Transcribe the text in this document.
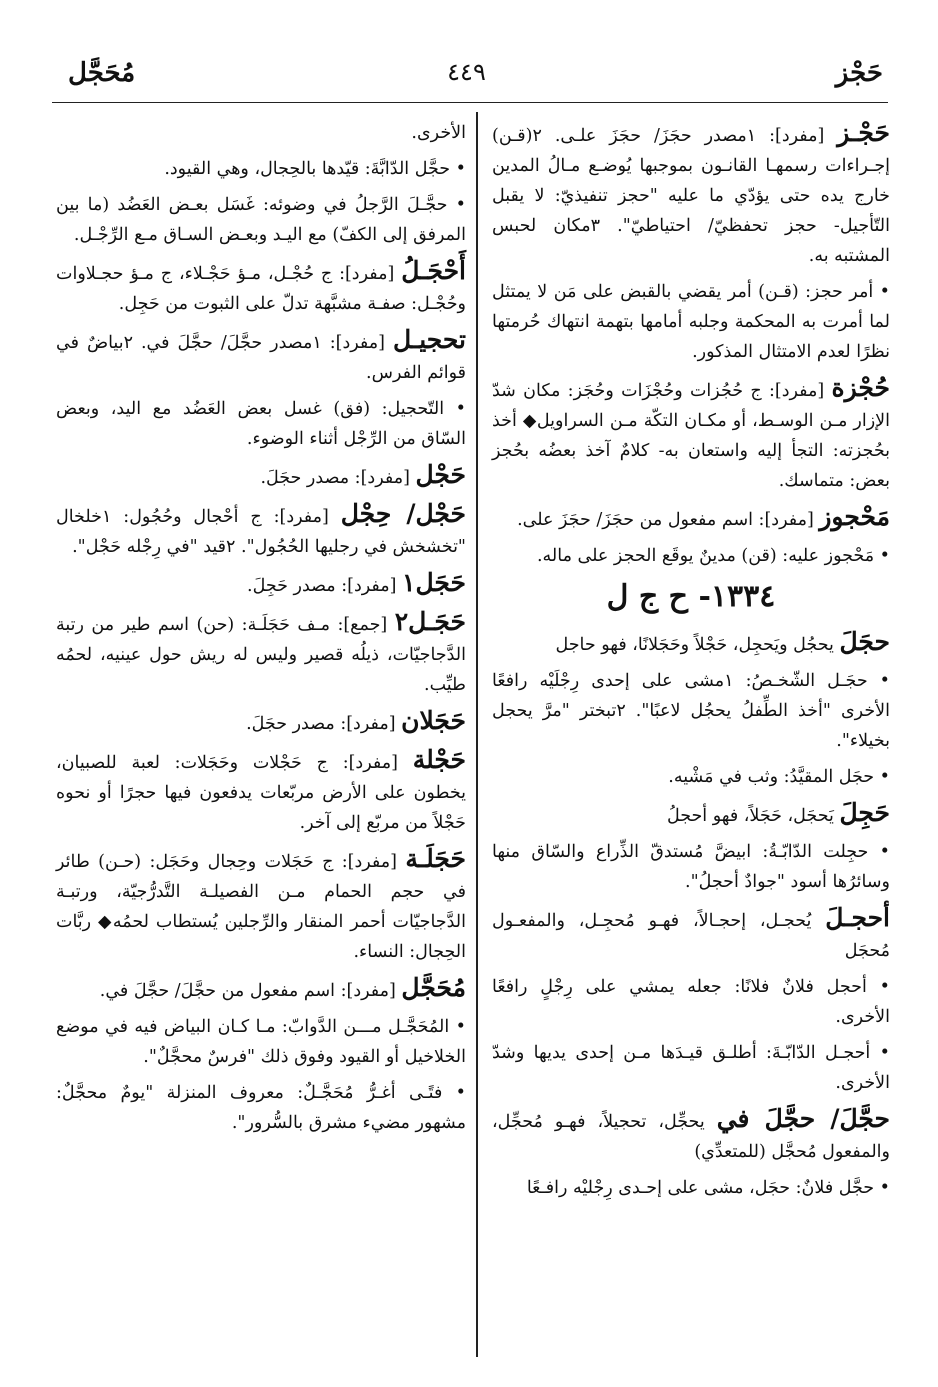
حَجْز
٤٤٩
مُحَجَّل

حَجْـز [مفرد]: ١مصدر حجَزَ/ حجَزَ علـى. ٢(قـن) إجـراءات رسمهـا القانـون بموجبها يُوضـع مـالُ المدين خارج يده حتى يؤدّي ما عليه "حجز تنفيذيّ: لا يقبل التّأجيل- حجز تحفظيّ/ احتياطيّ". ٣مكان لحبس المشتبه به.

• أمر حجز: (قـن) أمر يقضي بالقبض على مَن لا يمتثل لما أمرت به المحكمة وجلبه أمامها بتهمة انتهاك حُرمتها نظرًا لعدم الامتثال المذكور.

حُجْزة [مفرد]: ج حُجُزات وحُجْزَات وحُجَز: مكان شدّ الإزار مـن الوسـط، أو مكـان التكّة مـن السراويل◆ أخذ بحُجزته: التجأ إليه واستعان به- كلامٌ آخذ بعضُه بحُجز بعض: متماسك.

مَحْجوز [مفرد]: اسم مفعول من حجَزَ/ حجَزَ على.

• مَحْجوز عليه: (قن) مدينٌ يوقَع الحجز على ماله.

١٣٣٤- ح ج ل

حجَلَ يحجُل ويَحجِل، حَجْلاً وحَجَلانًا، فهو حاجل

• حجَـل الشّخـصُ: ١مشى على إحدى رِجْلَيْه رافعًا الأخرى "أخذ الطِّفلُ يحجُل لاعبًا". ٢تبختر "مرَّ يحجل بخيلاء".

• حجَل المقيَّدُ: وثب في مَشْيه.

حَجِلَ يَحجَل، حَجَلاً، فهو أحجلُ

• حجِلت الدّابّـةُ: ابيضَّ مُستدقّ الذِّراع والسّاق منها وسائرُها أسود "جوادٌ أحجلُ".

أحجـلَ يُحجـل، إحجـالاً، فهـو مُحجِـل، والمفعـول مُحجَل

• أحجل فلانٌ فلانًا: جعله يمشي على رِجْلٍ رافعًا الأخرى.

• أحجـل الدّابّـةَ: أطلـق قيـدَها مـن إحدى يديها وشدّ الأخرى.

حجَّلَ/ حجَّلَ في يحجِّل، تحجيلاً، فهـو مُحجِّل، والمفعول مُحجَّل (للمتعدِّي)

• حجَّل فلانٌ: حجَل، مشى على إحـدى رِجْليْه رافـعًا

الأخرى.

• حجَّل الدّابَّةَ: قيّدها بالحِجال، وهي القيود.

• حجَّـلَ الرَّجلُ في وضوئه: غَسَل بعـض العَضُد (ما بين المرفق إلى الكفّ) مع اليـد وبعـض السـاق مـع الرِّجْـل.

أَحْجَـلُ [مفرد]: ج حُجْـل، مـؤ حَجْـلاء، ج مـؤ حجـلاوات وحُجْـل: صفـة مشبَّهة تدلّ على الثبوت من حَجِل.

تحجيـل [مفرد]: ١مصدر حجَّلَ/ حجَّلَ في. ٢بياضٌ في قوائم الفرس.

• التّحجيل: (فق) غسل بعض العَضُد مع اليد، وبعض السّاق من الرِّجْل أثناء الوضوء.

حَجْل [مفرد]: مصدر حجَلَ.

حَجْل/ حِجْل [مفرد]: ج أحْجال وحُجُول: ١خلخال "تخشخش في رجليها الحُجُول". ٢قيد "في رِجْله حَجْل".

حَجَل١ [مفرد]: مصدر حَجِلَ.

حَجَـل٢ [جمع]: مـف حَجَلَـة: (حن) اسم طير من رتبة الدَّجاجيّات، ذيلُه قصير وليس له ريش حول عينيه، لحمُه طيِّب.

حَجَلان [مفرد]: مصدر حجَلَ.

حَجْلة [مفرد]: ج حَجْلات وحَجَلات: لعبة للصبيان، يخطون على الأرض مربّعات يدفعون فيها حجرًا أو نحوه حَجْلاً من مربّع إلى آخر.

حَجَلَـة [مفرد]: ج حَجَلات وحِجال وحَجَل: (حـن) طائر في حجم الحمام مـن الفصيلـة التَّدرُّجيّة، ورتبـة الدَّجاجيّات أحمر المنقار والرِّجلين يُستطاب لحمُه◆ ربَّات الحِجال: النساء.

مُحَجَّل [مفرد]: اسم مفعول من حجَّلَ/ حجَّلَ في.

• المُحَجَّـل مـــن الدَّوابّ: مـا كـان البياض فيه في موضع الخلاخيل أو القيود وفوق ذلك "فرسٌ محجَّلٌ".

• فتًـى أغـرُّ مُحَجَّـلٌ: معروف المنزلة "يومٌ محجَّلٌ: مشهور مضيء مشرق بالسُّرور".
